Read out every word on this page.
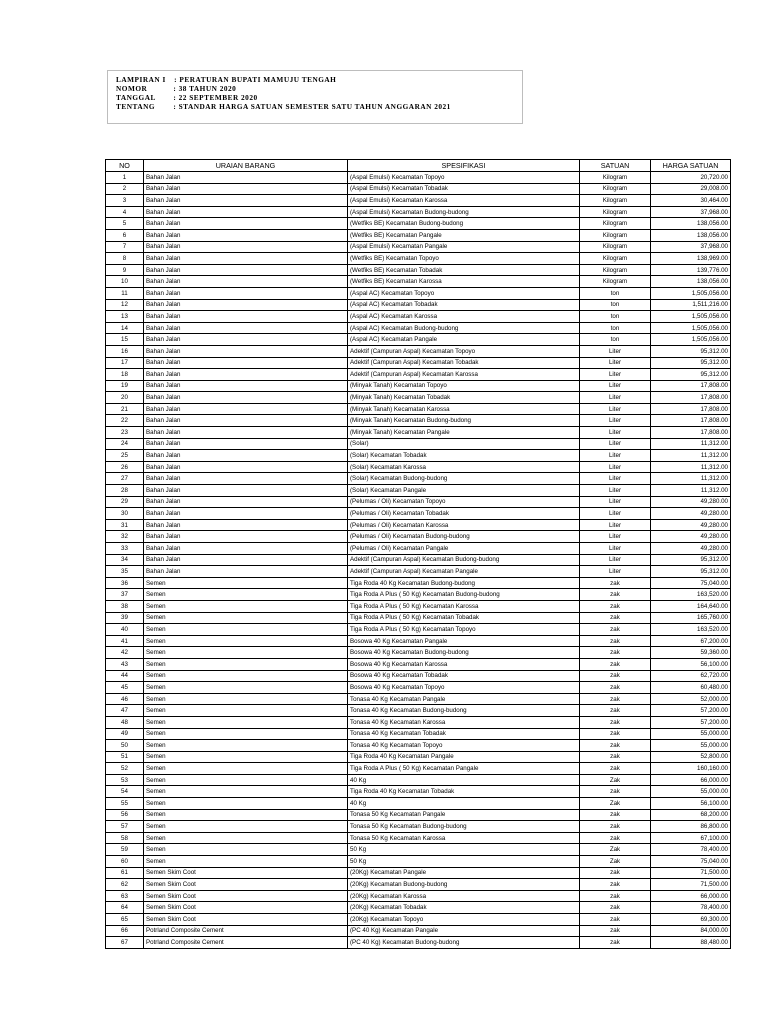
LAMPIRAN I : PERATURAN BUPATI MAMUJU TENGAH
NOMOR	: 38 TAHUN 2020
TANGGAL : 22 SEPTEMBER 2020
TENTANG	: STANDAR HARGA SATUAN SEMESTER SATU TAHUN ANGGARAN 2021
NO	URAIAN BARANG	SPESIFIKASI	SATUAN	HARGA SATUAN
1	Bahan Jalan	(Aspal Emulsi) Kecamatan Topoyo	Kilogram	20,720.00
2	Bahan Jalan	(Aspal Emulsi) Kecamatan Tobadak	Kilogram	29,008.00
3	Bahan Jalan	(Aspal Emulsi) Kecamatan Karossa	Kilogram	30,464.00
4	Bahan Jalan	(Aspal Emulsi) Kecamatan Budong-budong	Kilogram	37,968.00
5	Bahan Jalan	(Wetfiks BE) Kecamatan Budong-budong	Kilogram	138,056.00
6	Bahan Jalan	(Wetfiks BE) Kecamatan Pangale	Kilogram	138,056.00
7	Bahan Jalan	(Aspal Emulsi) Kecamatan Pangale	Kilogram	37,968.00
8	Bahan Jalan	(Wetfiks BE) Kecamatan Topoyo	Kilogram	138,969.00
9	Bahan Jalan	(Wetfiks BE) Kecamatan Tobadak	Kilogram	139,776.00
10	Bahan Jalan	(Wetfiks BE) Kecamatan Karossa	Kilogram	138,056.00
11	Bahan Jalan	(Aspal AC) Kecamatan Topoyo	ton	1,505,056.00
12	Bahan Jalan	(Aspal AC) Kecamatan Tobadak	ton	1,511,216.00
13	Bahan Jalan	(Aspal AC) Kecamatan Karossa	ton	1,505,056.00
14	Bahan Jalan	(Aspal AC) Kecamatan Budong-budong	ton	1,505,056.00
15	Bahan Jalan	(Aspal AC) Kecamatan Pangale	ton	1,505,056.00
16	Bahan Jalan	Adektif (Campuran Aspal) Kecamatan Topoyo	Liter	95,312.00
17	Bahan Jalan	Adektif (Campuran Aspal) Kecamatan Tobadak	Liter	95,312.00
18	Bahan Jalan	Adektif (Campuran Aspal) Kecamatan Karossa	Liter	95,312.00
19	Bahan Jalan	(Minyak Tanah) Kecamatan Topoyo	Liter	17,808.00
20	Bahan Jalan	(Minyak Tanah) Kecamatan Tobadak	Liter	17,808.00
21	Bahan Jalan	(Minyak Tanah) Kecamatan Karossa	Liter	17,808.00
22	Bahan Jalan	(Minyak Tanah) Kecamatan Budong-budong	Liter	17,808.00
23	Bahan Jalan	(Minyak Tanah) Kecamatan Pangale	Liter	17,808.00
24	Bahan Jalan	(Solar)	Liter	11,312.00
25	Bahan Jalan	(Solar) Kecamatan Tobadak	Liter	11,312.00
26	Bahan Jalan	(Solar) Kecamatan Karossa	Liter	11,312.00
27	Bahan Jalan	(Solar) Kecamatan Budong-budong	Liter	11,312.00
28	Bahan Jalan	(Solar) Kecamatan Pangale	Liter	11,312.00
29	Bahan Jalan	(Pelumas / Oli) Kecamatan Topoyo	Liter	49,280.00
30	Bahan Jalan	(Pelumas / Oli) Kecamatan Tobadak	Liter	49,280.00
31	Bahan Jalan	(Pelumas / Oli) Kecamatan Karossa	Liter	49,280.00
32	Bahan Jalan	(Pelumas / Oli) Kecamatan Budong-budong	Liter	49,280.00
33	Bahan Jalan	(Pelumas / Oli) Kecamatan Pangale	Liter	49,280.00
34	Bahan Jalan	Adektif (Campuran Aspal) Kecamatan Budong-budong	Liter	95,312.00
35	Bahan Jalan	Adektif (Campuran Aspal) Kecamatan Pangale	Liter	95,312.00
36	Semen	Tiga Roda 40 Kg Kecamatan Budong-budong	zak	75,040.00
37	Semen	Tiga Roda A Plus ( 50 Kg) Kecamatan Budong-budong	zak	163,520.00
38	Semen	Tiga Roda A Plus ( 50 Kg) Kecamatan Karossa	zak	164,640.00
39	Semen	Tiga Roda A Plus ( 50 Kg) Kecamatan Tobadak	zak	165,760.00
40	Semen	Tiga Roda A Plus ( 50 Kg) Kecamatan Topoyo	zak	163,520.00
41	Semen	Bosowa 40 Kg Kecamatan Pangale	zak	67,200.00
42	Semen	Bosowa 40 Kg Kecamatan Budong-budong	zak	59,360.00
43	Semen	Bosowa 40 Kg Kecamatan Karossa	zak	56,100.00
44	Semen	Bosowa 40 Kg Kecamatan Tobadak	zak	62,720.00
45	Semen	Bosowa 40 Kg Kecamatan Topoyo	zak	60,480.00
46	Semen	Tonasa 40 Kg Kecamatan Pangale	zak	52,000.00
47	Semen	Tonasa 40 Kg Kecamatan Budong-budong	zak	57,200.00
48	Semen	Tonasa 40 Kg Kecamatan Karossa	zak	57,200.00
49	Semen	Tonasa 40 Kg Kecamatan Tobadak	zak	55,000.00
50	Semen	Tonasa 40 Kg Kecamatan Topoyo	zak	55,000.00
51	Semen	Tiga Roda 40 Kg Kecamatan Pangale	zak	52,800.00
52	Semen	Tiga Roda A Plus ( 50 Kg) Kecamatan Pangale	zak	160,160.00
53	Semen	40 Kg	Zak	66,000.00
54	Semen	Tiga Roda 40 Kg Kecamatan Tobadak	zak	55,000.00
55	Semen	40 Kg	Zak	56,100.00
56	Semen	Tonasa 50 Kg Kecamatan Pangale	zak	68,200.00
57	Semen	Tonasa 50 Kg Kecamatan Budong-budong	zak	86,800.00
58	Semen	Tonasa 50 Kg Kecamatan Karossa	zak	67,100.00
59	Semen	50 Kg	Zak	78,400.00
60	Semen	50 Kg	Zak	75,040.00
61	Semen Skim Coot	(20Kg) Kecamatan Pangale	zak	71,500.00
62	Semen Skim Coot	(20Kg) Kecamatan Budong-budong	zak	71,500.00
63	Semen Skim Coot	(20Kg) Kecamatan Karossa	zak	66,000.00
64	Semen Skim Coot	(20Kg) Kecamatan Tobadak	zak	78,400.00
65	Semen Skim Coot	(20Kg) Kecamatan Topoyo	zak	69,300.00
66	Potrland Composite Cement	(PC 40 Kg) Kecamatan Pangale	zak	84,000.00
67	Potrland Composite Cement	(PC 40 Kg) Kecamatan Budong-budong	zak	88,480.00
